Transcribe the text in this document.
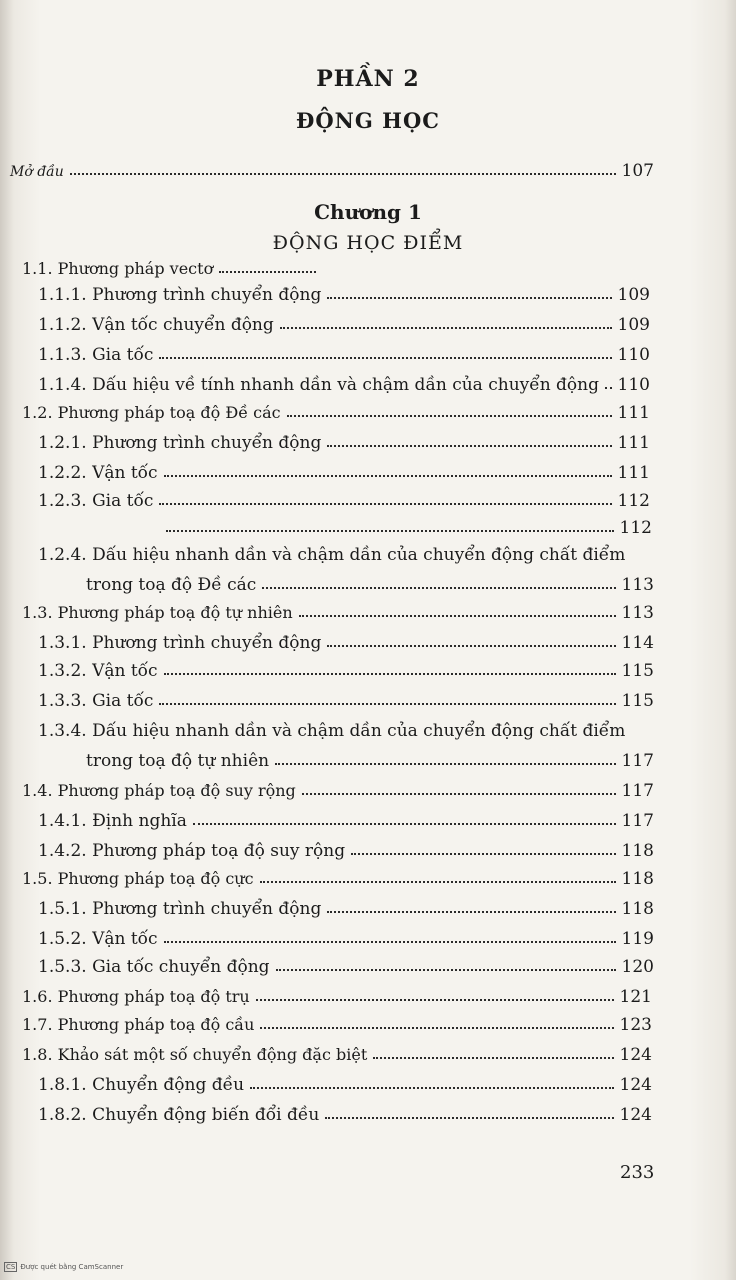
PHẦN 2
ĐỘNG HỌC
Mở đầu	107
Chương 1
ĐỘNG HỌC ĐIỂM
1.1. Phương pháp vectơ
1.1.1. Phương trình chuyển động	109
1.1.2. Vận tốc chuyển động	109
1.1.3. Gia tốc	110
1.1.4. Dấu hiệu về tính nhanh dần và chậm dần của chuyển động 110
1.2. Phương pháp toạ độ Đề các	111
1.2.1. Phương trình chuyển động	111
1.2.2. Vận tốc	111
1.2.3. Gia tốc	112
112
1.2.4. Dấu hiệu nhanh dần và chậm dần của chuyển động chất điểm
trong toạ độ Đề các	113
1.3. Phương pháp toạ độ tự nhiên	113
1.3.1. Phương trình chuyển động	114
1.3.2. Vận tốc	115
1.3.3. Gia tốc	115
1.3.4. Dấu hiệu nhanh dần và chậm dần của chuyển động chất điểm
trong toạ độ tự nhiên	117
1.4. Phương pháp toạ độ suy rộng	117
1.4.1. Định nghĩa	117
1.4.2. Phương pháp toạ độ suy rộng	118
1.5. Phương pháp toạ độ cực	118
1.5.1. Phương trình chuyển động	118
1.5.2. Vận tốc	119
1.5.3. Gia tốc chuyển động	120
1.6. Phương pháp toạ độ trụ	121
1.7. Phương pháp toạ độ cầu	123
1.8. Khảo sát một số chuyển động đặc biệt	124
1.8.1. Chuyển động đều	124
1.8.2. Chuyển động biến đổi đều	124
233
CS Được quét bằng CamScanner
